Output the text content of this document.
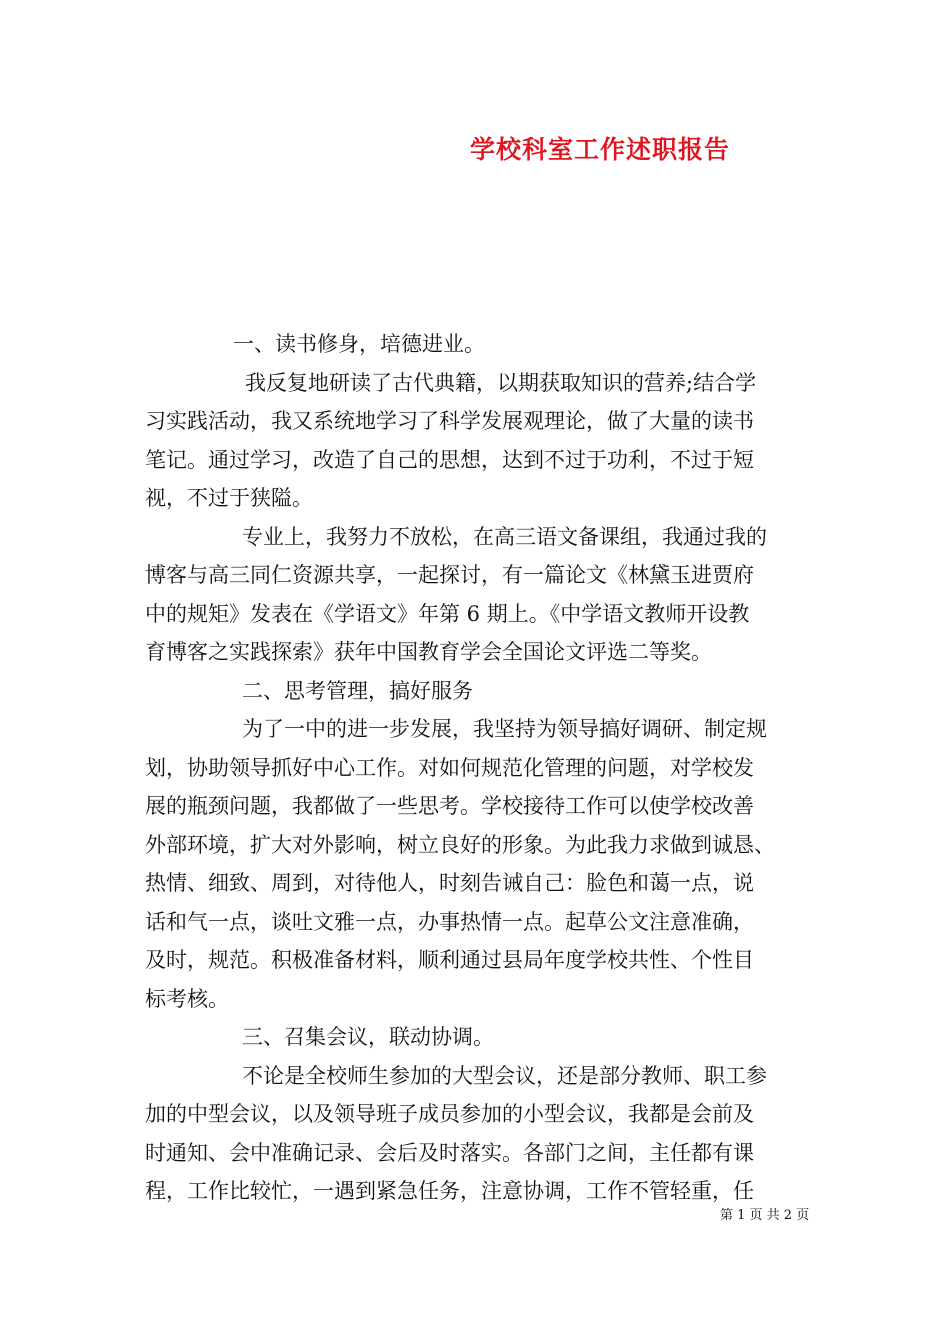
学校科室工作述职报告
一、读书修身，培德进业。
我反复地研读了古代典籍，以期获取知识的营养;结合学
习实践活动，我又系统地学习了科学发展观理论，做了大量的读书
笔记。通过学习，改造了自己的思想，达到不过于功利，不过于短
视，不过于狭隘。
专业上，我努力不放松，在高三语文备课组，我通过我的
博客与高三同仁资源共享，一起探讨，有一篇论文《林黛玉进贾府
中的规矩》发表在《学语文》年第 6 期上。《中学语文教师开设教
育博客之实践探索》获年中国教育学会全国论文评选二等奖。
二、思考管理，搞好服务
为了一中的进一步发展，我坚持为领导搞好调研、制定规
划，协助领导抓好中心工作。对如何规范化管理的问题，对学校发
展的瓶颈问题，我都做了一些思考。学校接待工作可以使学校改善
外部环境，扩大对外影响，树立良好的形象。为此我力求做到诚恳、
热情、细致、周到，对待他人，时刻告诫自己：脸色和蔼一点，说
话和气一点，谈吐文雅一点，办事热情一点。起草公文注意准确，
及时，规范。积极准备材料，顺利通过县局年度学校共性、个性目
标考核。
三、召集会议，联动协调。
不论是全校师生参加的大型会议，还是部分教师、职工参
加的中型会议，以及领导班子成员参加的小型会议，我都是会前及
时通知、会中准确记录、会后及时落实。各部门之间，主任都有课
程，工作比较忙，一遇到紧急任务，注意协调，工作不管轻重，任
第 1 页 共 2 页
